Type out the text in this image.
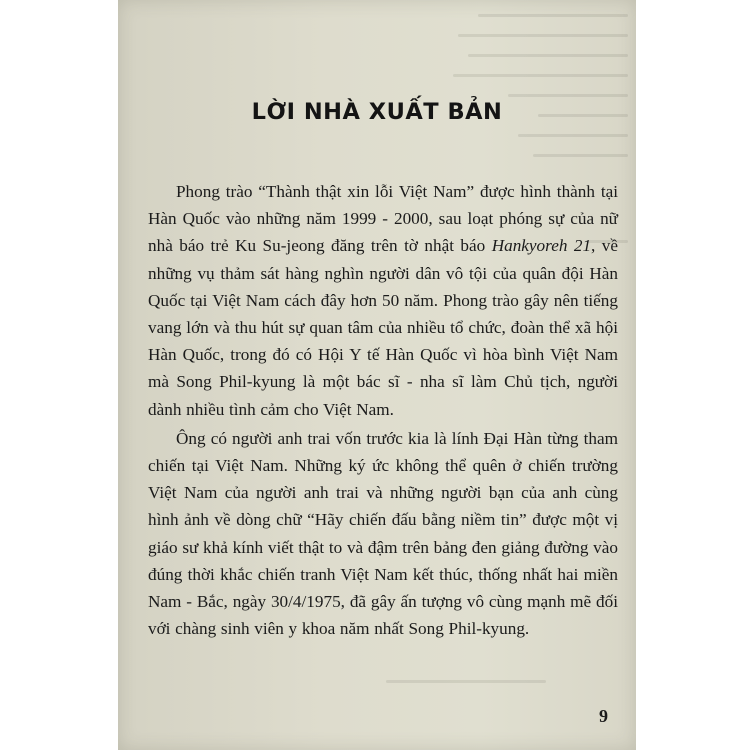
LỜI NHÀ XUẤT BẢN

Phong trào “Thành thật xin lỗi Việt Nam” được hình thành tại Hàn Quốc vào những năm 1999 - 2000, sau loạt phóng sự của nữ nhà báo trẻ Ku Su-jeong đăng trên tờ nhật báo Hankyoreh 21, về những vụ thảm sát hàng nghìn người dân vô tội của quân đội Hàn Quốc tại Việt Nam cách đây hơn 50 năm. Phong trào gây nên tiếng vang lớn và thu hút sự quan tâm của nhiều tổ chức, đoàn thể xã hội Hàn Quốc, trong đó có Hội Y tế Hàn Quốc vì hòa bình Việt Nam mà Song Phil-kyung là một bác sĩ - nha sĩ làm Chủ tịch, người dành nhiều tình cảm cho Việt Nam.

Ông có người anh trai vốn trước kia là lính Đại Hàn từng tham chiến tại Việt Nam. Những ký ức không thể quên ở chiến trường Việt Nam của người anh trai và những người bạn của anh cùng hình ảnh về dòng chữ “Hãy chiến đấu bằng niềm tin” được một vị giáo sư khả kính viết thật to và đậm trên bảng đen giảng đường vào đúng thời khắc chiến tranh Việt Nam kết thúc, thống nhất hai miền Nam - Bắc, ngày 30/4/1975, đã gây ấn tượng vô cùng mạnh mẽ đối với chàng sinh viên y khoa năm nhất Song Phil-kyung.

9
